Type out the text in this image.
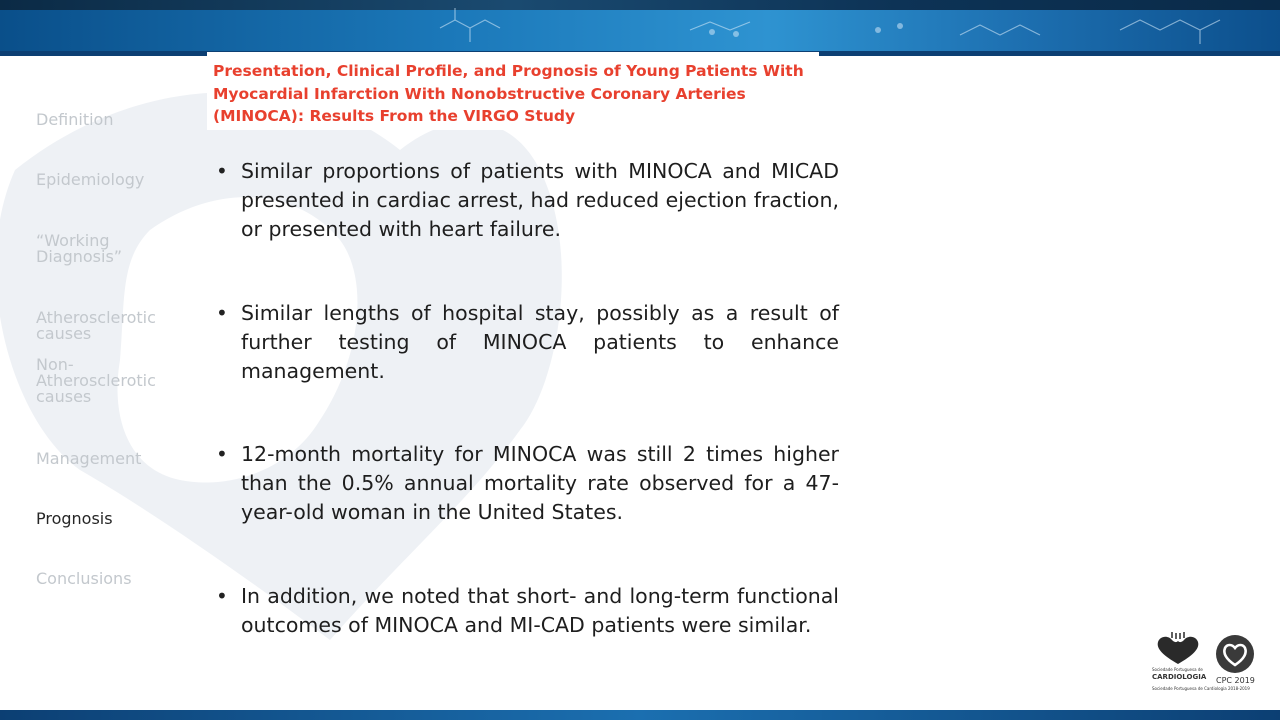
Definition
Epidemiology
“Working Diagnosis”
Atherosclerotic causes
Non-Atherosclerotic causes
Management
Prognosis
Conclusions
Presentation, Clinical Profile, and Prognosis of Young Patients With Myocardial Infarction With Nonobstructive Coronary Arteries (MINOCA): Results From the VIRGO Study
• Similar proportions of patients with MINOCA and MICAD presented in cardiac arrest, had reduced ejection fraction, or presented with heart failure.
• Similar lengths of hospital stay, possibly as a result of further testing of MINOCA patients to enhance management.
• 12-month mortality for MINOCA was still 2 times higher than the 0.5% annual mortality rate observed for a 47-year-old woman in the United States.
• In addition, we noted that short- and long-term functional outcomes of MINOCA and MI-CAD patients were similar.
Sociedade Portuguesa de
CARDIOLOGIA
Sociedade Portuguesa de Cardiologia 2018-2019
CPC 2019
